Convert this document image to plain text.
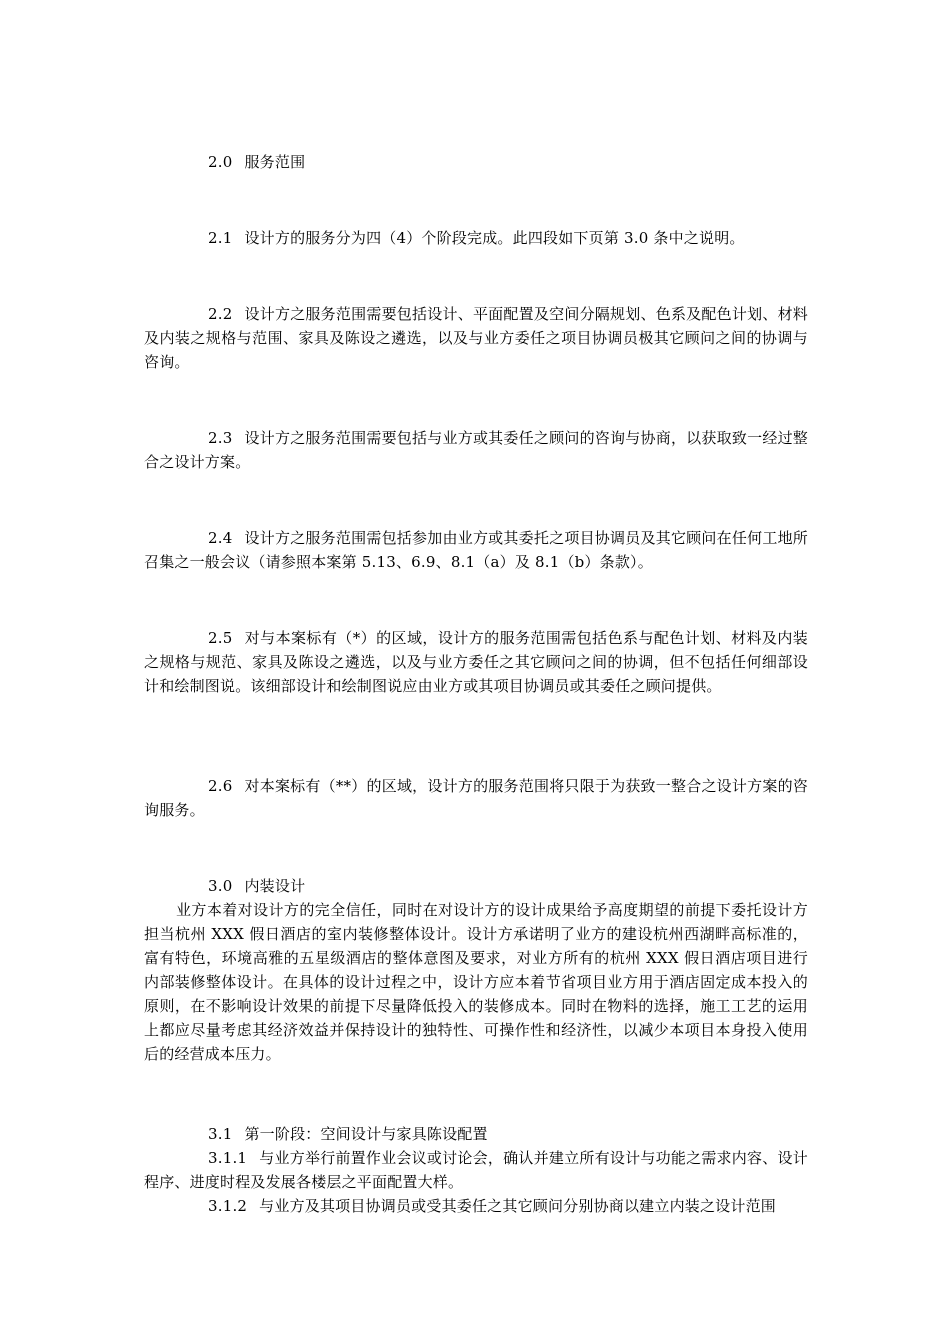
2.0 服务范围

2.1 设计方的服务分为四（4）个阶段完成。此四段如下页第 3.0 条中之说明。

2.2 设计方之服务范围需要包括设计、平面配置及空间分隔规划、色系及配色计划、材料及内装之规格与范围、家具及陈设之遴选，以及与业方委任之项目协调员极其它顾问之间的协调与咨询。

2.3 设计方之服务范围需要包括与业方或其委任之顾问的咨询与协商，以获取致一经过整合之设计方案。

2.4 设计方之服务范围需包括参加由业方或其委托之项目协调员及其它顾问在任何工地所召集之一般会议（请参照本案第 5.13、6.9、8.1（a）及 8.1（b）条款）。

2.5 对与本案标有（*）的区域，设计方的服务范围需包括色系与配色计划、材料及内装之规格与规范、家具及陈设之遴选，以及与业方委任之其它顾问之间的协调，但不包括任何细部设计和绘制图说。该细部设计和绘制图说应由业方或其项目协调员或其委任之顾问提供。

2.6 对本案标有（**）的区域，设计方的服务范围将只限于为获致一整合之设计方案的咨询服务。

3.0 内装设计

业方本着对设计方的完全信任，同时在对设计方的设计成果给予高度期望的前提下委托设计方担当杭州 XXX 假日酒店的室内装修整体设计。设计方承诺明了业方的建设杭州西湖畔高标准的，富有特色，环境高雅的五星级酒店的整体意图及要求，对业方所有的杭州 XXX 假日酒店项目进行内部装修整体设计。在具体的设计过程之中，设计方应本着节省项目业方用于酒店固定成本投入的原则，在不影响设计效果的前提下尽量降低投入的装修成本。同时在物料的选择，施工工艺的运用上都应尽量考虑其经济效益并保持设计的独特性、可操作性和经济性，以减少本项目本身投入使用后的经营成本压力。

3.1 第一阶段：空间设计与家具陈设配置

3.1.1 与业方举行前置作业会议或讨论会，确认并建立所有设计与功能之需求内容、设计程序、进度时程及发展各楼层之平面配置大样。

3.1.2 与业方及其项目协调员或受其委任之其它顾问分别协商以建立内装之设计范围
